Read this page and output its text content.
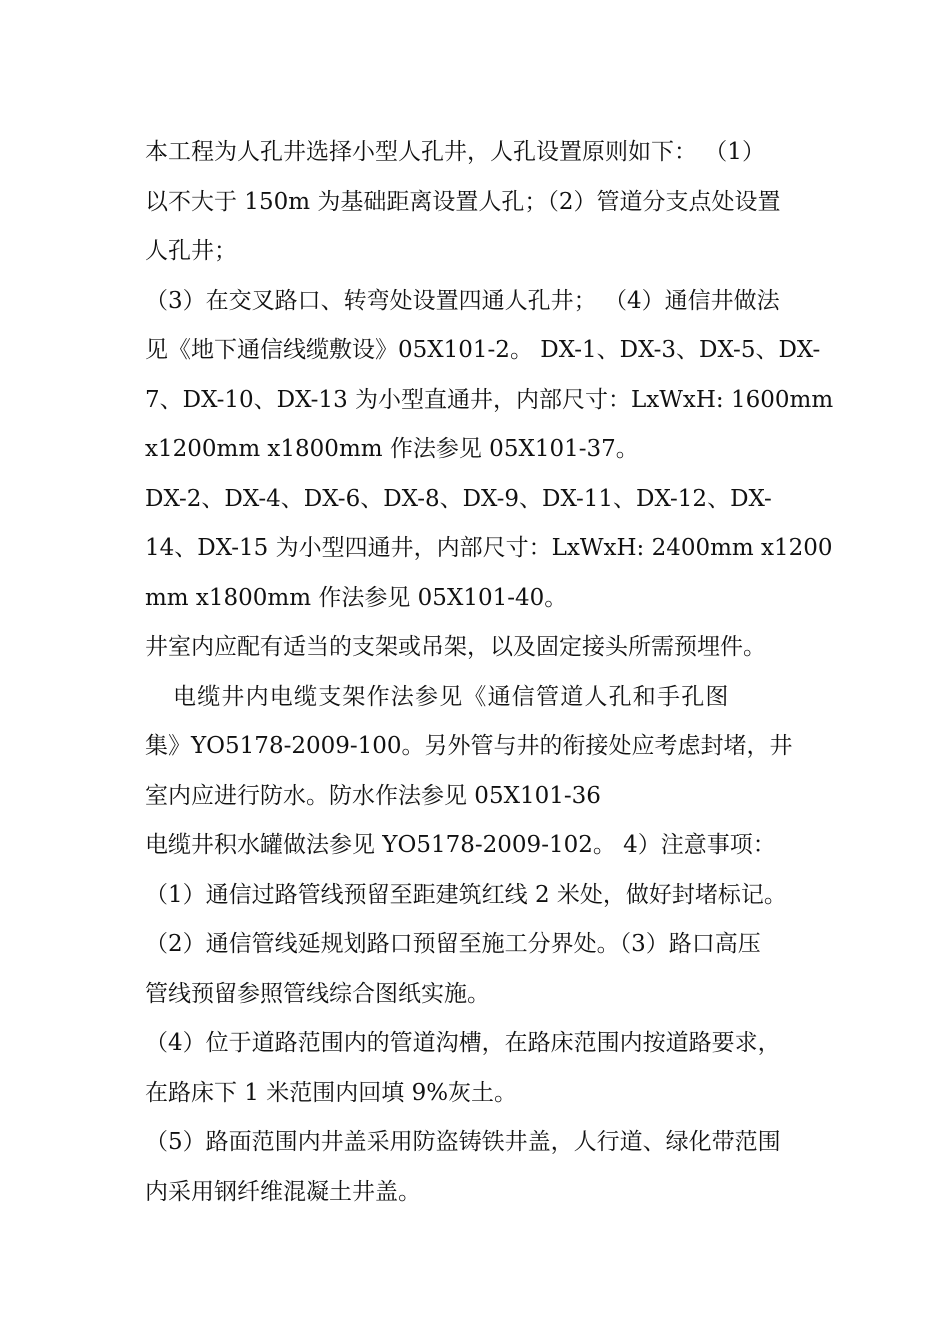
本工程为人孔井选择小型人孔井，人孔设置原则如下： （1）
以不大于 150m 为基础距离设置人孔；（2）管道分支点处设置
人孔井；
（3）在交叉路口、转弯处设置四通人孔井； （4）通信井做法
见《地下通信线缆敷设》05X101-2。 DX-1、DX-3、DX-5、DX-
7、DX-10、DX-13 为小型直通井，内部尺寸：LxWxH: 1600mm
x1200mm x1800mm 作法参见 05X101-37。
DX-2、DX-4、DX-6、DX-8、DX-9、DX-11、DX-12、DX-
14、DX-15 为小型四通井，内部尺寸：LxWxH: 2400mm x1200
mm x1800mm 作法参见 05X101-40。
井室内应配有适当的支架或吊架，以及固定接头所需预埋件。
电缆井内电缆支架作法参见《通信管道人孔和手孔图
集》YO5178-2009-100。另外管与井的衔接处应考虑封堵，井
室内应进行防水。防水作法参见 05X101-36
电缆井积水罐做法参见 YO5178-2009-102。 4）注意事项：
（1）通信过路管线预留至距建筑红线 2 米处，做好封堵标记。
（2）通信管线延规划路口预留至施工分界处。（3）路口高压
管线预留参照管线综合图纸实施。
（4）位于道路范围内的管道沟槽，在路床范围内按道路要求，
在路床下 1 米范围内回填 9%灰土。
（5）路面范围内井盖采用防盗铸铁井盖，人行道、绿化带范围
内采用钢纤维混凝土井盖。
